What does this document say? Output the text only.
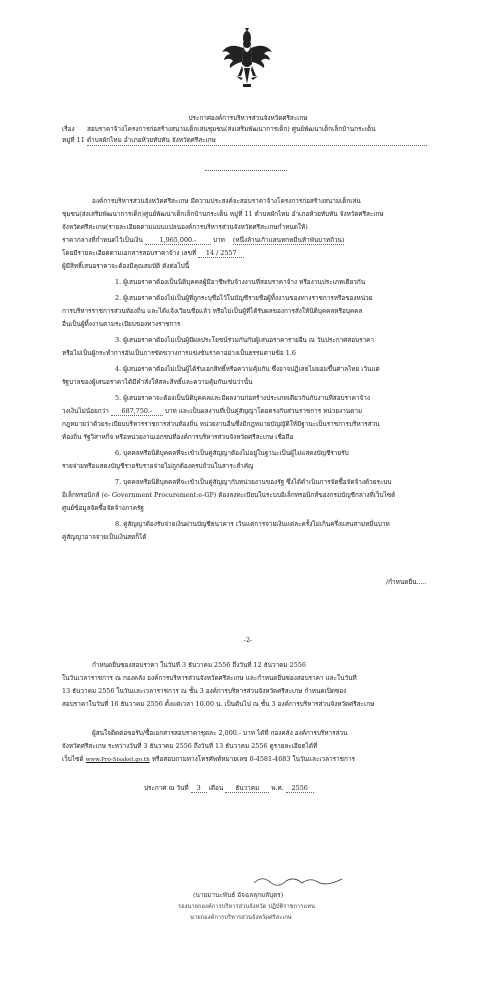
ประกาศองค์การบริหารส่วนจังหวัดศรีสะเกษ
เรื่อง สอบราคาจ้างโครงการก่อสร้างสนามเด็กเล่นชุมชน(ส่งเสริมพัฒนาการเด็ก) ศูนย์พัฒนาเด็กเล็กบ้านกระเต็น
หมู่ที่ 11 ตำบลผักไหม อำเภอห้วยทับทัน จังหวัดศรีสะเกษ
องค์การบริหารส่วนจังหวัดศรีสะเกษ มีความประสงค์จะสอบราคาจ้างโครงการก่อสร้างสนามเด็กเล่น
ชุมชน(ส่งเสริมพัฒนาการเด็ก)ศูนย์พัฒนาเด็กเล็กบ้านกระเต็น หมู่ที่ 11 ตำบลผักไหม อำเภอห้วยทับทัน จังหวัดศรีสะเกษ
จังหวัดศรีสะเกษ(รายละเอียดตามแบบแปลนองค์การบริหารส่วนจังหวัดศรีสะเกษกำหนดให้)
ราคากลางที่กำหนดไว้เป็นเงิน	1,965,000.-	บาท (หนึ่งล้านเก้าแสนหกหมื่นห้าพันบาทถ้วน)
โดยมีรายละเอียดตามเอกสารสอบราคาจ้าง เลขที่ 14 / 2557
ผู้มีสิทธิ์เสนอราคาจะต้องมีคุณสมบัติ ดังต่อไปนี้
1. ผู้เสนอราคาต้องเป็นนิติบุคคลผู้มีอาชีพรับจ้างงานที่สอบราคาจ้าง หรืองานประเภทเดียวกัน
2. ผู้เสนอราคาต้องไม่เป็นผู้ที่ถูกระบุชื่อไว้ในบัญชีรายชื่อผู้ทิ้งงานของทางราชการหรือของหน่วย
การบริหารราชการส่วนท้องถิ่น และได้แจ้งเวียนชื่อแล้ว หรือไม่เป็นผู้ที่ได้รับผลของการสั่งให้นิติบุคคลหรือบุคคล
อื่นเป็นผู้ทิ้งงานตามระเบียบของทางราชการ
3. ผู้เสนอราคาต้องไม่เป็นผู้มีผลประโยชน์ร่วมกันกับผู้เสนอราคารายอื่น ณ วันประกาศสอบราคา
หรือไม่เป็นผู้กระทำการอันเป็นการขัดขวางการแข่งขันราคาอย่างเป็นธรรมตามข้อ 1.6
4. ผู้เสนอราคาต้องไม่เป็นผู้ได้รับเอกสิทธิ์หรือความคุ้มกัน ซึ่งอาจปฏิเสธไม่ยอมขึ้นศาลไทย เว้นแต่
รัฐบาลของผู้เสนอราคาได้มีคำสั่งให้สละสิทธิ์และความคุ้มกันเช่นว่านั้น
5. ผู้เสนอราคาจะต้องเป็นนิติบุคคลและมีผลงานก่อสร้างประเภทเดียวกันกับงานที่สอบราคาจ้าง
วงเงินไม่น้อยกว่า 687,750.- บาท และเป็นผลงานที่เป็นคู่สัญญาโดยตรงกับส่วนราชการ หน่วยงานตาม
กฎหมายว่าด้วยระเบียบบริหารราชการส่วนท้องถิ่น หน่วยงานอื่นซึ่งมีกฎหมายบัญญัติให้มีฐานะเป็นราชการบริหารส่วน
ท้องถิ่น รัฐวิสาหกิจ หรือหน่วยงานเอกชนที่องค์การบริหารส่วนจังหวัดศรีสะเกษ เชื่อถือ
6. บุคคลหรือนิติบุคคลที่จะเข้าเป็นคู่สัญญาต้องไม่อยู่ในฐานะเป็นผู้ไม่แสดงบัญชีรายรับ
รายจ่ายหรือแสดงบัญชีรายรับรายจ่ายไม่ถูกต้องครบถ้วนในสาระสำคัญ
7. บุคคลหรือนิติบุคคลที่จะเข้าเป็นคู่สัญญากับหน่วยงานของรัฐ ซึ่งได้ดำเนินการจัดซื้อจัดจ้างด้วยระบบ
อิเล็กทรอนิกส์ (e- Government Procurement:e-GP) ต้องลงทะเบียนในระบบอิเล็กทรอนิกส์ของกรมบัญชีกลางที่เว็บไซต์
ศูนย์ข้อมูลจัดซื้อจัดจ้างภาครัฐ
8. คู่สัญญาต้องรับจ่ายเงินผ่านบัญชีธนาคาร เว้นแต่การจ่ายเงินแต่ละครั้งไม่เกินครึ่งแสนสามหมื่นบาท
คู่สัญญาอาจจ่ายเป็นเงินสดก็ได้
/กำหนดยื่น.....
-2-
กำหนดยื่นซองสอบราคา ในวันที่ 3 ธันวาคม 2556 ถึงวันที่ 12 ธันวาคม 2556
ในวันเวลาราชการ ณ กองคลัง องค์การบริหารส่วนจังหวัดศรีสะเกษ และกำหนดยื่นซองสอบราคา และในวันที่
13 ธันวาคม 2556 ในวันและเวลาราชการ ณ ชั้น 3 องค์การบริหารส่วนจังหวัดศรีสะเกษ กำหนดเปิดซอง
สอบราคาในวันที่ 16 ธันวาคม 2556 ตั้งแต่เวลา 10.00 น. เป็นต้นไป ณ ชั้น 3 องค์การบริหารส่วนจังหวัดศรีสะเกษ
ผู้สนใจติดต่อขอรับ/ซื้อเอกสารสอบราคาชุดละ 2,000.- บาท ได้ที่ กองคลัง องค์การบริหารส่วน
จังหวัดศรีสะเกษ ระหว่างวันที่ 3 ธันวาคม 2556 ถึงวันที่ 13 ธันวาคม 2556 ดูรายละเอียดได้ที่
เว็บไซต์ www.Pro-Sisaket.go.th หรือสอบถามทางโทรศัพท์หมายเลข 0-4581-4683 ในวันและเวลาราชการ
ประกาศ ณ วันที่ 3 เดือน ธันวาคม พ.ศ. 2556
(นายมานะพันธ์ อัจฉลลุกมลับุตร)
รองนายกองค์การบริหารส่วนจังหวัด ปฏิบัติราชการแทน
นายกองค์การบริหารส่วนจังหวัดศรีสะเกษ
